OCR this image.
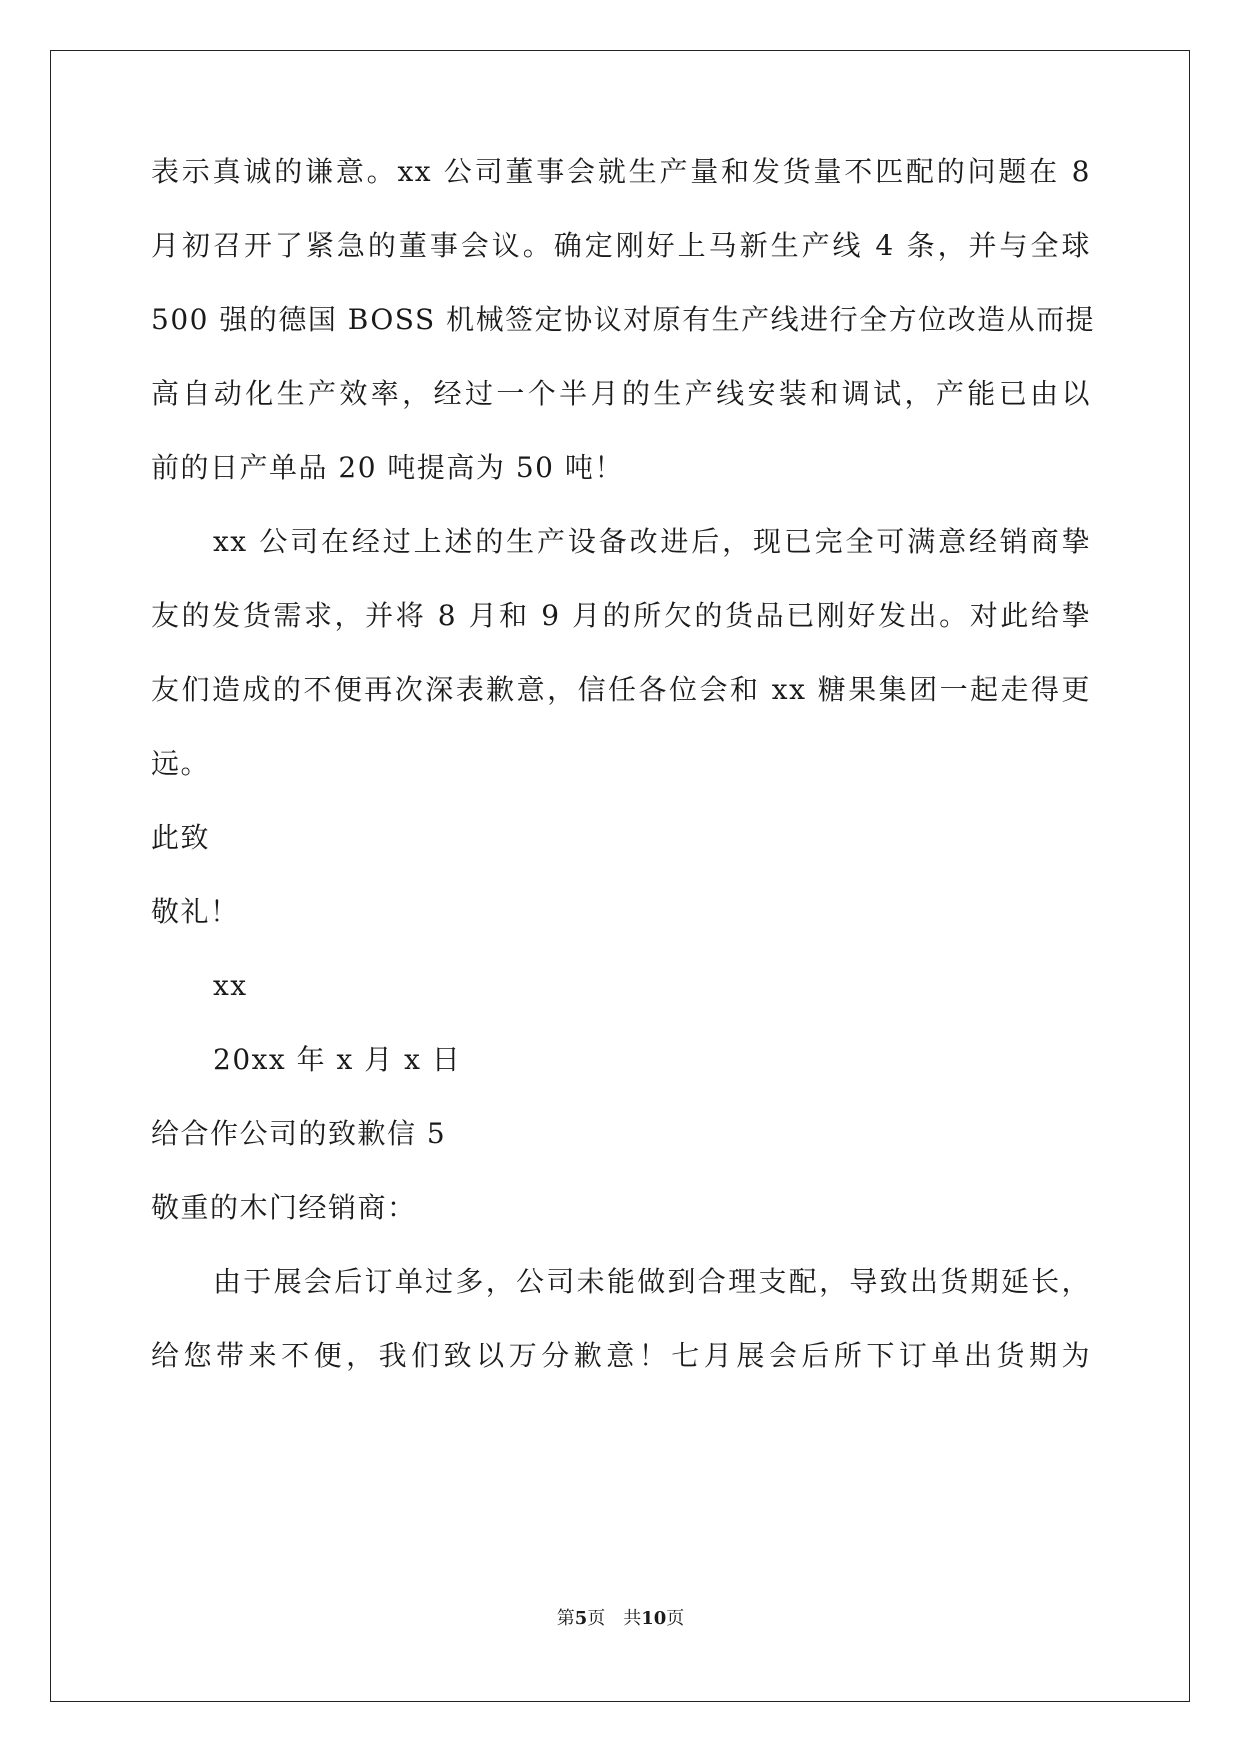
表示真诚的谦意。xx 公司董事会就生产量和发货量不匹配的问题在 8
月初召开了紧急的董事会议。确定刚好上马新生产线 4 条，并与全球
500 强的德国 BOSS 机械签定协议对原有生产线进行全方位改造从而提
高自动化生产效率，经过一个半月的生产线安装和调试，产能已由以
前的日产单品 20 吨提高为 50 吨！
xx 公司在经过上述的生产设备改进后，现已完全可满意经销商挚
友的发货需求，并将 8 月和 9 月的所欠的货品已刚好发出。对此给挚
友们造成的不便再次深表歉意，信任各位会和 xx 糖果集团一起走得更
远。
此致
敬礼！
xx
20xx 年 x 月 x 日
给合作公司的致歉信 5
敬重的木门经销商：
由于展会后订单过多，公司未能做到合理支配，导致出货期延长，
给您带来不便，我们致以万分歉意！七月展会后所下订单出货期为
第5页　共10页
